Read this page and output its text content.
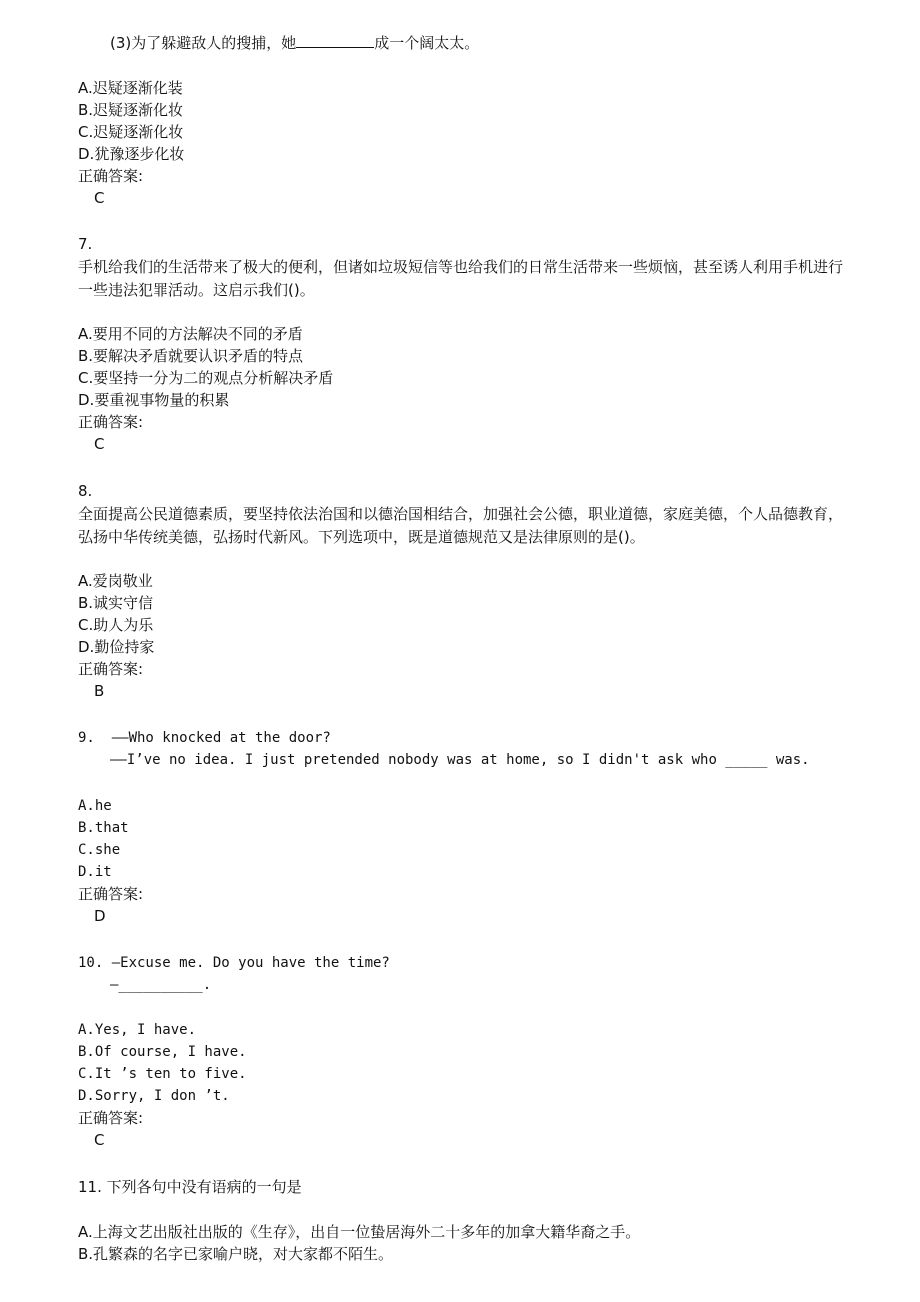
(3)为了躲避敌人的搜捕，她	成一个阔太太。
A.迟疑逐渐化装
B.迟疑逐渐化妆
C.迟疑逐渐化妆
D.犹豫逐步化妆
正确答案:
C
7.
手机给我们的生活带来了极大的便利，但诸如垃圾短信等也给我们的日常生活带来一些烦恼，甚至诱人利用手机进行一些违法犯罪活动。这启示我们()。
A.要用不同的方法解决不同的矛盾
B.要解决矛盾就要认识矛盾的特点
C.要坚持一分为二的观点分析解决矛盾
D.要重视事物量的积累
正确答案:
C
8.
全面提高公民道德素质，要坚持依法治国和以德治国相结合，加强社会公德，职业道德，家庭美德，个人品德教育，弘扬中华传统美德，弘扬时代新风。下列选项中，既是道德规范又是法律原则的是()。
A.爱岗敬业
B.诚实守信
C.助人为乐
D.勤俭持家
正确答案:
B
9.  ——Who knocked at the door?
——I’ve no idea. I just pretended nobody was at home, so I didn't ask who _____ was.
A.he
B.that
C.she
D.it
正确答案:
D
10. —Excuse me. Do you have the time?
—__________.
A.Yes, I have.
B.Of course, I have.
C.It ’s ten to five.
D.Sorry, I don ’t.
正确答案:
C
11. 下列各句中没有语病的一句是
A.上海文艺出版社出版的《生存》，出自一位蛰居海外二十多年的加拿大籍华裔之手。
B.孔繁森的名字已家喻户晓，对大家都不陌生。
